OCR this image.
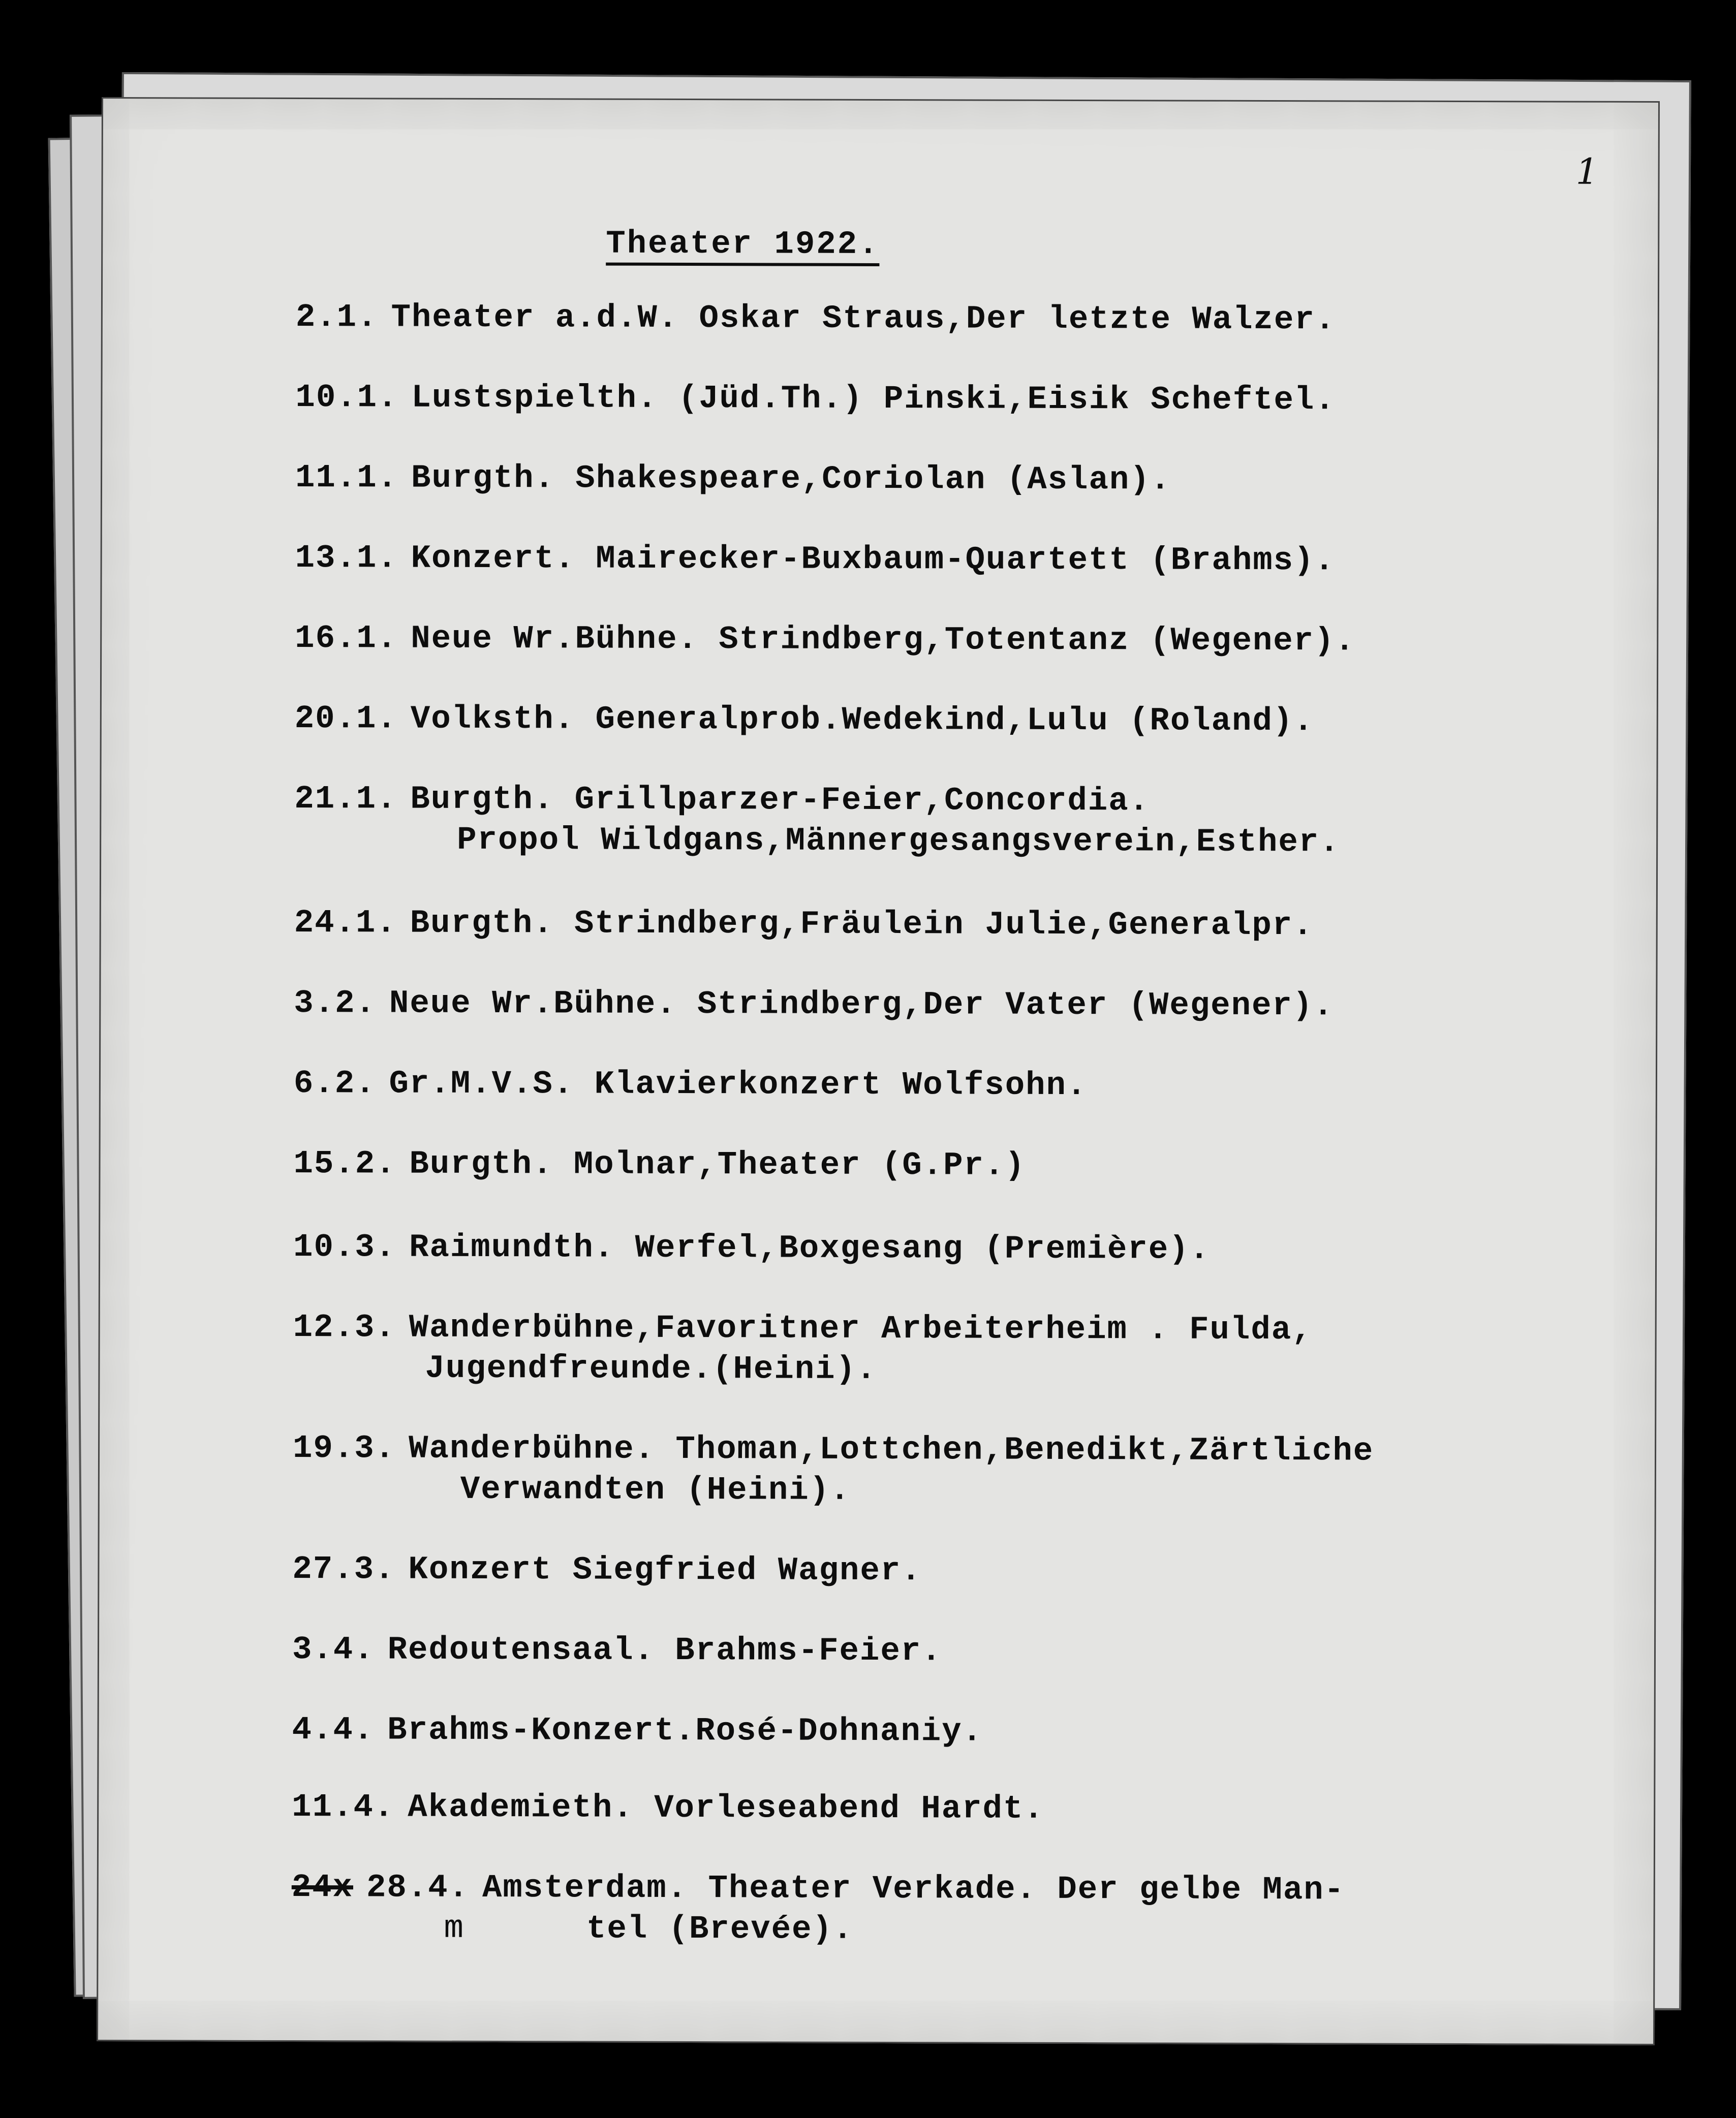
1
Theater 1922.
2.1. Theater a.d.W. Oskar Straus,Der letzte Walzer.
10.1. Lustspielth. (Jüd.Th.) Pinski,Eisik Scheftel.
11.1. Burgth. Shakespeare,Coriolan (Aslan).
13.1. Konzert. Mairecker-Buxbaum-Quartett (Brahms).
16.1. Neue Wr.Bühne. Strindberg,Totentanz (Wegener).
20.1. Volksth. Generalprob.Wedekind,Lulu (Roland).
21.1. Burgth. Grillparzer-Feier,Concordia.
Propol Wildgans,Männergesangsverein,Esther.
24.1. Burgth. Strindberg,Fräulein Julie,Generalpr.
3.2. Neue Wr.Bühne. Strindberg,Der Vater (Wegener).
6.2. Gr.M.V.S. Klavierkonzert Wolfsohn.
15.2. Burgth. Molnar,Theater (G.Pr.)
10.3. Raimundth. Werfel,Boxgesang (Première).
12.3. Wanderbühne,Favoritner Arbeiterheim . Fulda,
Jugendfreunde.(Heini).
19.3. Wanderbühne. Thoman,Lottchen,Benedikt,Zärtliche
Verwandten (Heini).
27.3. Konzert Siegfried Wagner.
3.4. Redoutensaal. Brahms-Feier.
4.4. Brahms-Konzert.Rosé-Dohnaniy.
11.4. Akademieth. Vorleseabend Hardt.
24x 28.4. Amsterdam. Theater Verkade. Der gelbe Man-
m	tel (Brevée).
